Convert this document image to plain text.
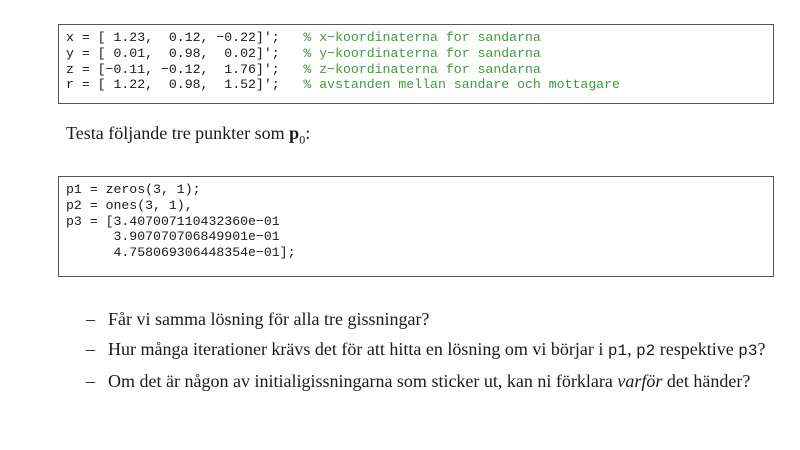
x = [ 1.23,  0.12, −0.22]';   % x−koordinaterna for sandarna
y = [ 0.01,  0.98,  0.02]';   % y−koordinaterna for sandarna
z = [−0.11, −0.12,  1.76]';   % z−koordinaterna for sandarna
r = [ 1.22,  0.98,  1.52]';   % avstanden mellan sandare och mottagare
Testa följande tre punkter som $p_0$:
p1 = zeros(3, 1);
p2 = ones(3, 1),
p3 = [3.407007110432360e−01
3.907070706849901e−01
4.758069306448354e−01];
– Får vi samma lösning för alla tre gissningar?
– Hur många iterationer krävs det för att hitta en lösning om vi börjar i p1, p2 respektive p3?
– Om det är någon av initialigissningarna som sticker ut, kan ni förklara varför det händer?
